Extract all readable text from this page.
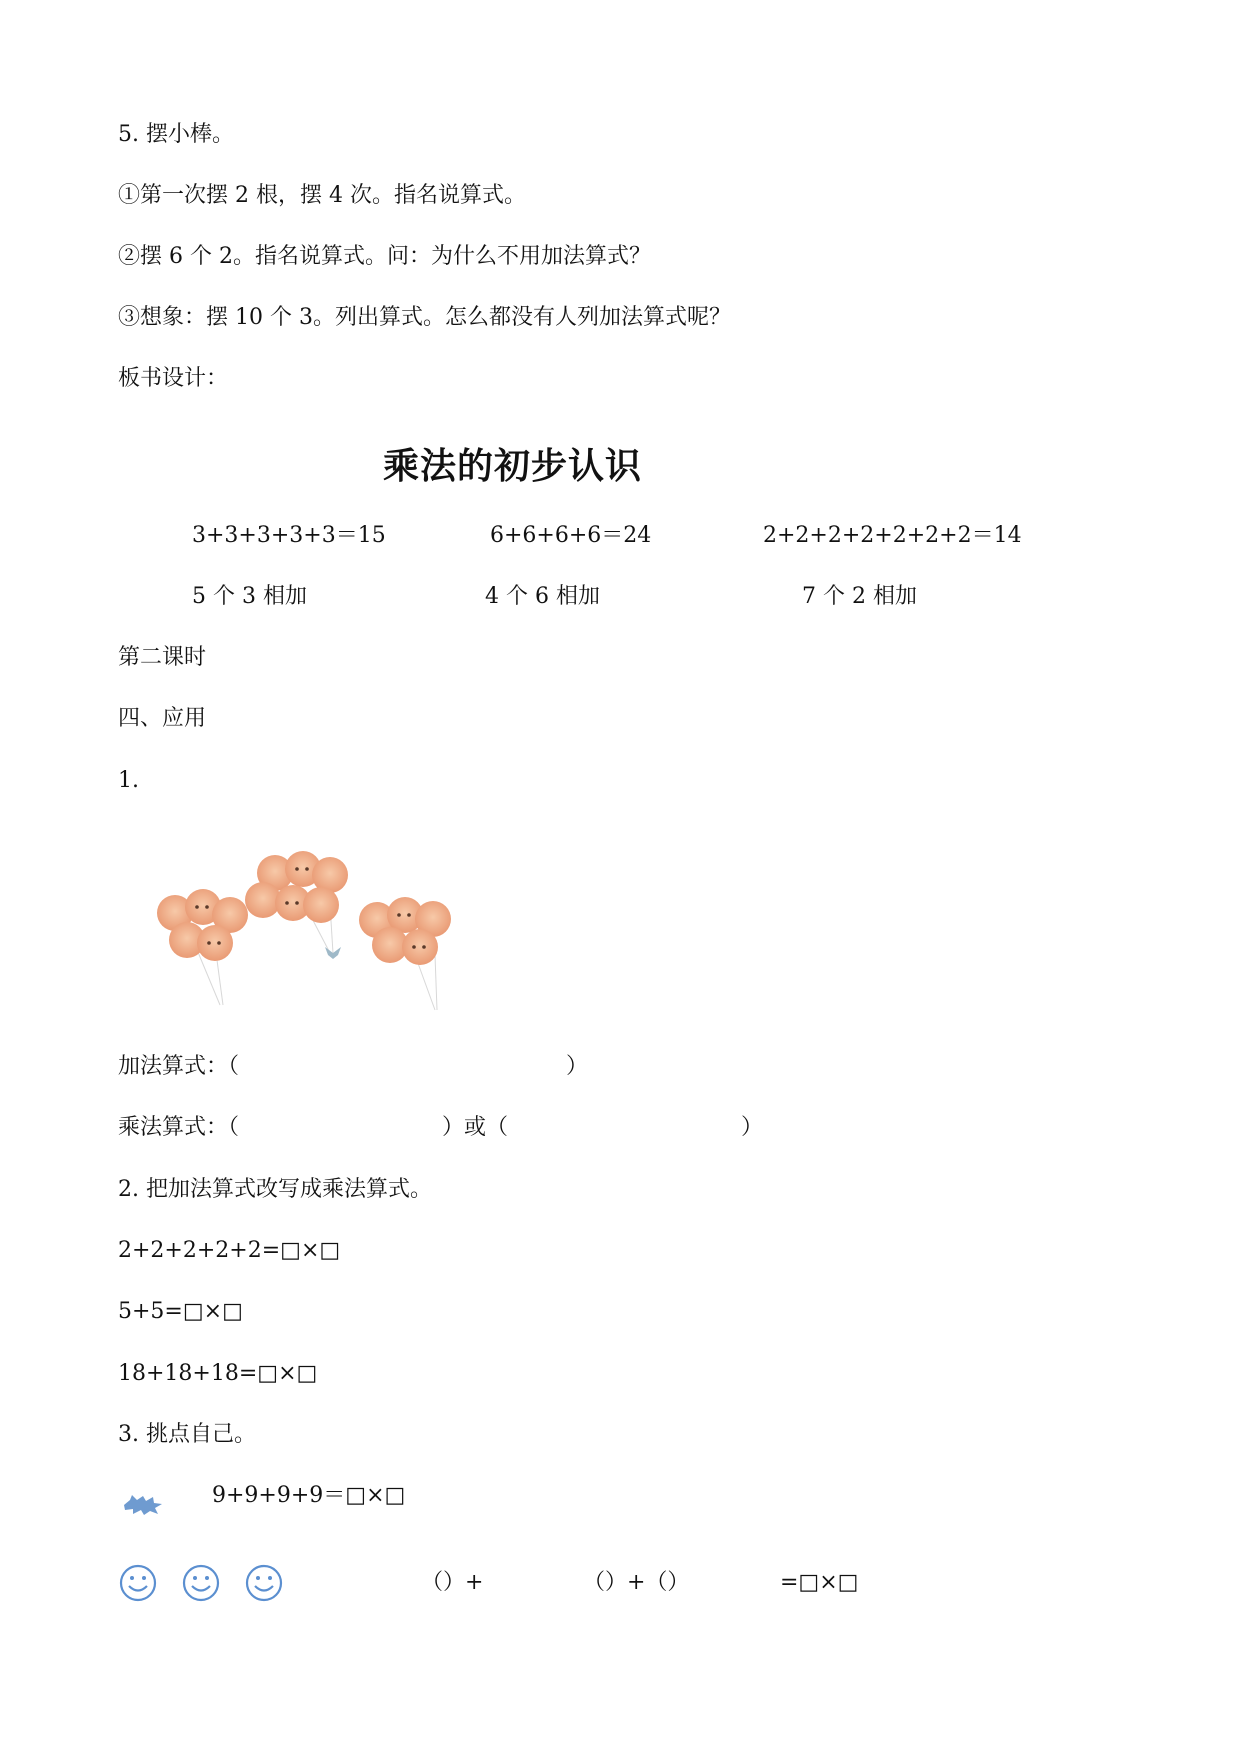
5. 摆小棒。
①第一次摆 2 根，摆 4 次。指名说算式。
②摆 6 个 2。指名说算式。问：为什么不用加法算式？
③想象：摆 10 个 3。列出算式。怎么都没有人列加法算式呢？
板书设计：
乘法的初步认识
3+3+3+3+3＝15	6+6+6+6＝24	2+2+2+2+2+2+2＝14
5 个 3 相加	4 个 6 相加	7 个 2 相加
第二课时
四、应用
1.
加法算式：（	）
乘法算式：（	）或（	）
2. 把加法算式改写成乘法算式。
2+2+2+2+2=□×□
5+5=□×□
18+18+18=□×□
3. 挑点自己。
9+9+9+9＝□×□
（）+	（）+（）	=□×□
